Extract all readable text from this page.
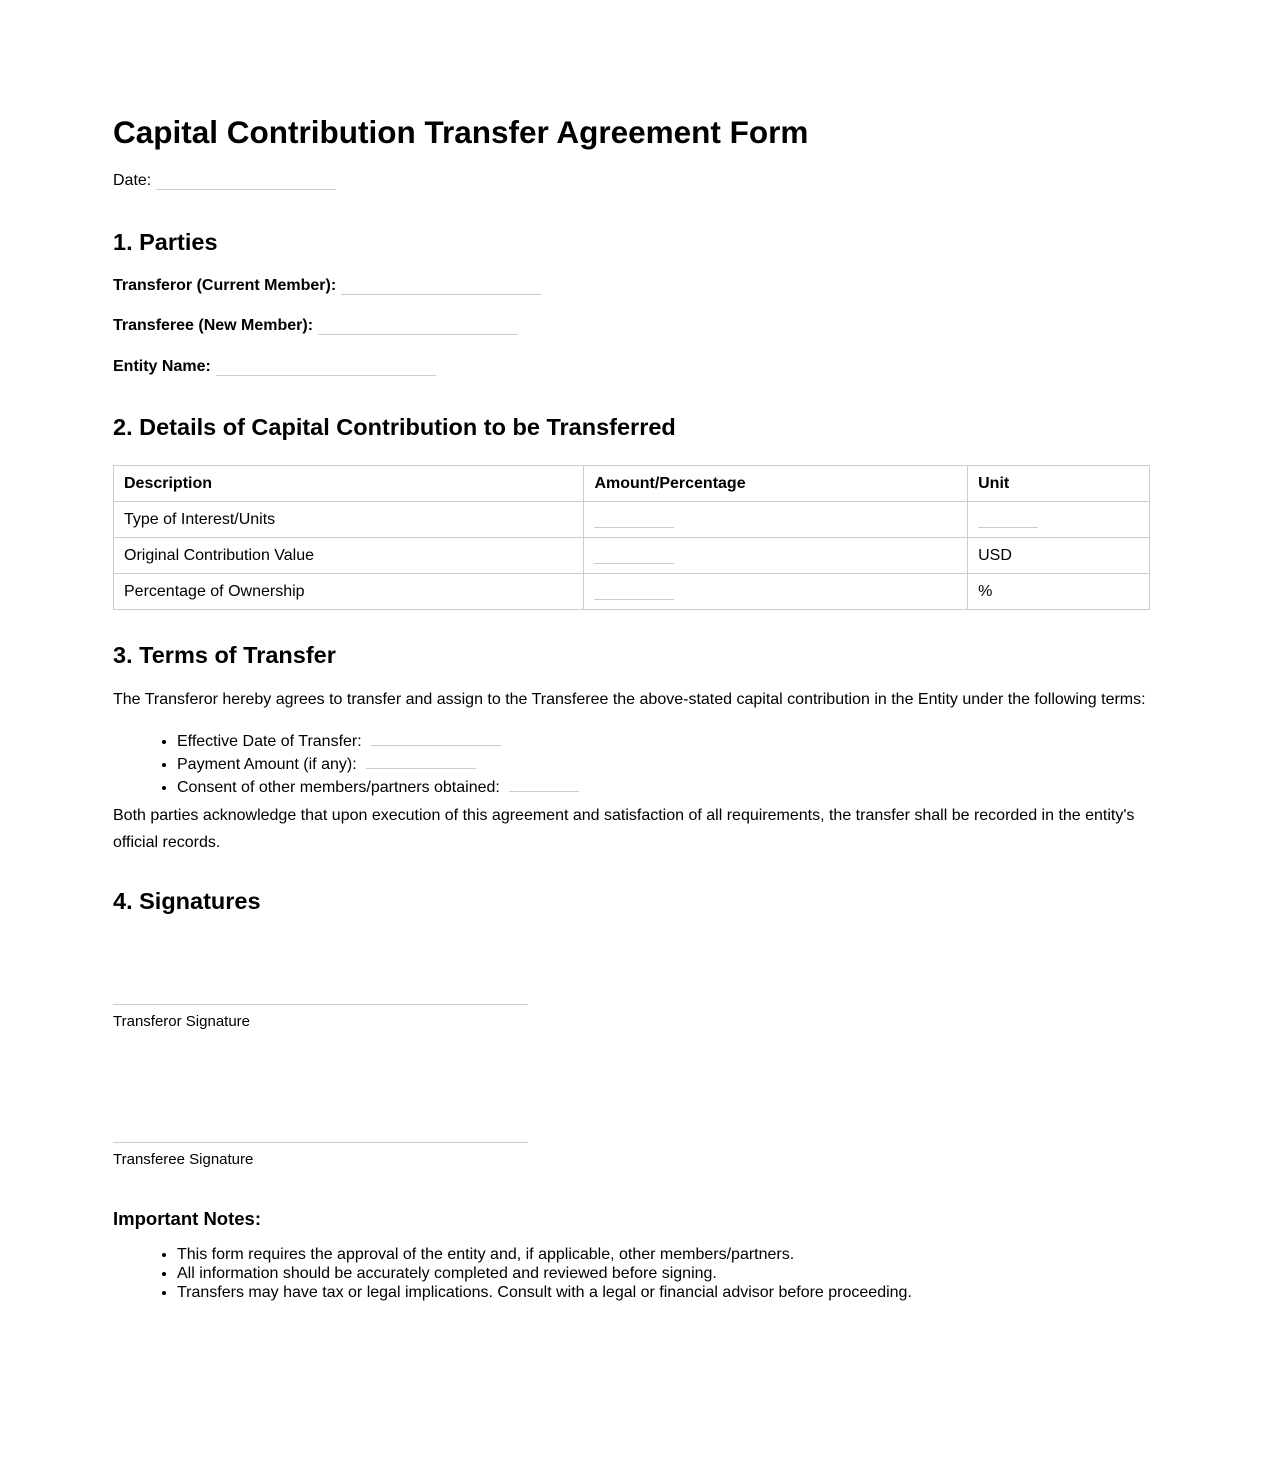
Capital Contribution Transfer Agreement Form
Date:
1. Parties
Transferor (Current Member):
Transferee (New Member):
Entity Name:
2. Details of Capital Contribution to be Transferred
Description	Amount/Percentage	Unit
Type of Interest/Units		
Original Contribution Value		USD
Percentage of Ownership		%
3. Terms of Transfer

The Transferor hereby agrees to transfer and assign to the Transferee the above-stated capital contribution in the Entity under the following terms:

• Effective Date of Transfer:
• Payment Amount (if any):
• Consent of other members/partners obtained:

Both parties acknowledge that upon execution of this agreement and satisfaction of all requirements, the transfer shall be recorded in the entity's official records.

4. Signatures
Transferor Signature
Transferee Signature
Important Notes:
• This form requires the approval of the entity and, if applicable, other members/partners.
• All information should be accurately completed and reviewed before signing.
• Transfers may have tax or legal implications. Consult with a legal or financial advisor before proceeding.
